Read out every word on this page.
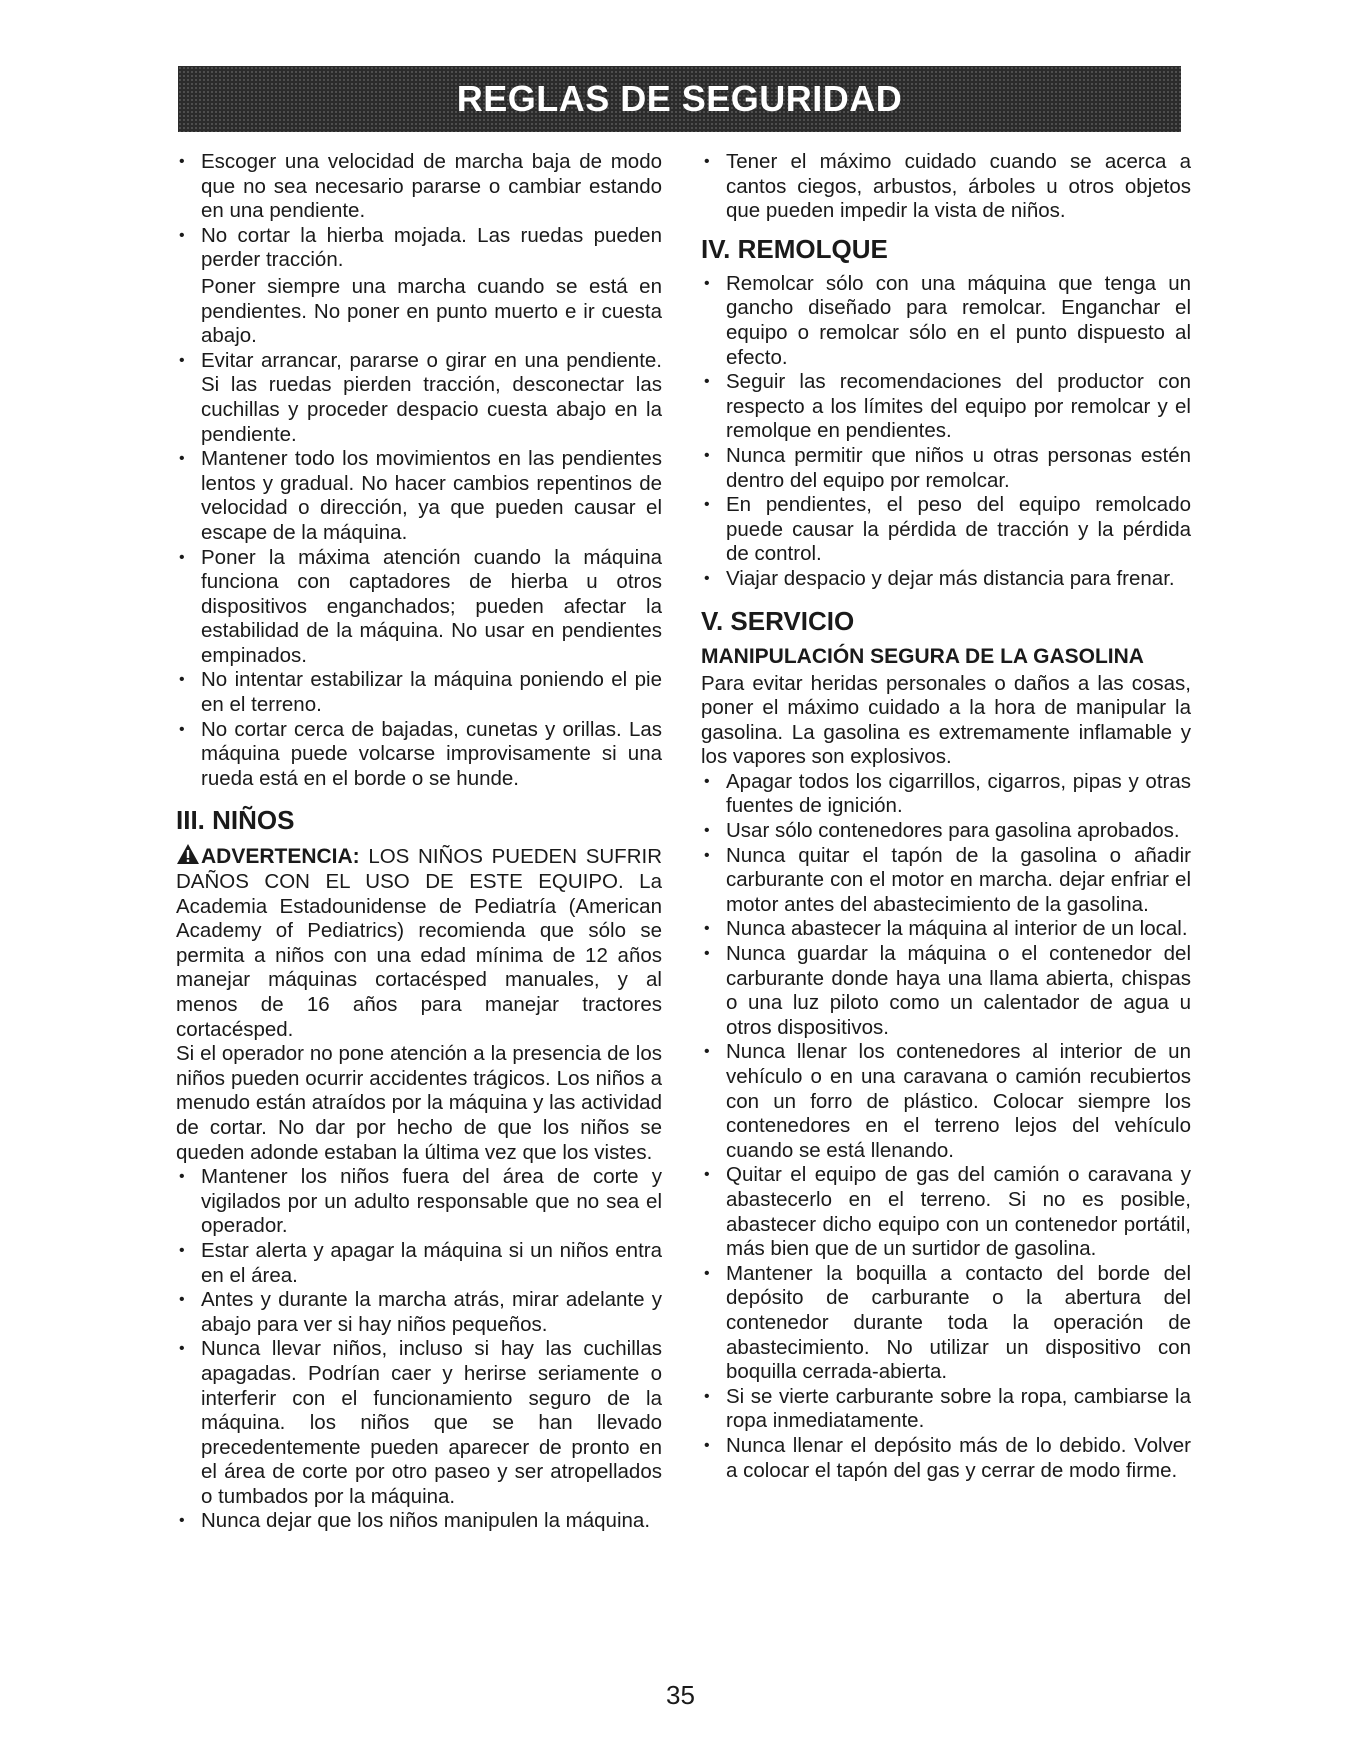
REGLAS DE SEGURIDAD

• Escoger una velocidad de marcha baja de modo que no sea necesario pararse o cambiar estando en una pendiente.

• No cortar la hierba mojada. Las ruedas pueden perder tracción.

Poner siempre una marcha cuando se está en pendientes. No poner en punto muerto e ir cuesta abajo.

• Evitar arrancar, pararse o girar en una pendiente. Si las ruedas pierden tracción, desconectar las cuchillas y proceder despacio cuesta abajo en la pendiente.

• Mantener todo los movimientos en las pendientes lentos y gradual. No hacer cambios repentinos de velocidad o dirección, ya que pueden causar el escape de la máquina.

• Poner la máxima atención cuando la máquina funciona con captadores de hierba u otros dispositivos enganchados; pueden afectar la estabilidad de la máquina. No usar en pendientes empinados.

• No intentar estabilizar la máquina poniendo el pie en el terreno.

• No cortar cerca de bajadas, cunetas y orillas. Las máquina puede volcarse improvisamente si una rueda está en el borde o se hunde.

III. NIÑOS

ADVERTENCIA: LOS NIÑOS PUEDEN SUFRIR DAÑOS CON EL USO DE ESTE EQUIPO. La Academia Estadounidense de Pediatría (American Academy of Pediatrics) recomienda que sólo se permita a niños con una edad mínima de 12 años manejar máquinas cortacésped manuales, y al menos de 16 años para manejar tractores cortacésped.

Si el operador no pone atención a la presencia de los niños pueden ocurrir accidentes trágicos. Los niños a menudo están atraídos por la máquina y las actividad de cortar. No dar por hecho de que los niños se queden adonde estaban la última vez que los vistes.

• Mantener los niños fuera del área de corte y vigilados por un adulto responsable que no sea el operador.

• Estar alerta y apagar la máquina si un niños entra en el área.

• Antes y durante la marcha atrás, mirar adelante y abajo para ver si hay niños pequeños.

• Nunca llevar niños, incluso si hay las cuchillas apagadas. Podrían caer y herirse seriamente o interferir con el funcionamiento seguro de la máquina. los niños que se han llevado precedentemente pueden aparecer de pronto en el área de corte por otro paseo y ser atropellados o tumbados por la máquina.

• Nunca dejar que los niños manipulen la máquina.

• Tener el máximo cuidado cuando se acerca a cantos ciegos, arbustos, árboles u otros objetos que pueden impedir la vista de niños.

IV. REMOLQUE

• Remolcar sólo con una máquina que tenga un gancho diseñado para remolcar. Enganchar el equipo o remolcar sólo en el punto dispuesto al efecto.

• Seguir las recomendaciones del productor con respecto a los límites del equipo por remolcar y el remolque en pendientes.

• Nunca permitir que niños u otras personas estén dentro del equipo por remolcar.

• En pendientes, el peso del equipo remolcado puede causar la pérdida de tracción y la pérdida de control.

• Viajar despacio y dejar más distancia para frenar.

V. SERVICIO
MANIPULACIÓN SEGURA DE LA GASOLINA

Para evitar heridas personales o daños a las cosas, poner el máximo cuidado a la hora de manipular la gasolina. La gasolina es extremamente inflamable y los vapores son explosivos.

• Apagar todos los cigarrillos, cigarros, pipas y otras fuentes de ignición.

• Usar sólo contenedores para gasolina aprobados.

• Nunca quitar el tapón de la gasolina o añadir carburante con el motor en marcha. dejar enfriar el motor antes del abastecimiento de la gasolina.

• Nunca abastecer la máquina al interior de un local.

• Nunca guardar la máquina o el contenedor del carburante donde haya una llama abierta, chispas o una luz piloto como un calentador de agua u otros dispositivos.

• Nunca llenar los contenedores al interior de un vehículo o en una caravana o camión recubiertos con un forro de plástico. Colocar siempre los contenedores en el terreno lejos del vehículo cuando se está llenando.

• Quitar el equipo de gas del camión o caravana y abastecerlo en el terreno. Si no es posible, abastecer dicho equipo con un contenedor portátil, más bien que de un surtidor de gasolina.

• Mantener la boquilla a contacto del borde del depósito de carburante o la abertura del contenedor durante toda la operación de abastecimiento. No utilizar un dispositivo con boquilla cerrada-abierta.

• Si se vierte carburante sobre la ropa, cambiarse la ropa inmediatamente.

• Nunca llenar el depósito más de lo debido. Volver a colocar el tapón del gas y cerrar de modo firme.

35
